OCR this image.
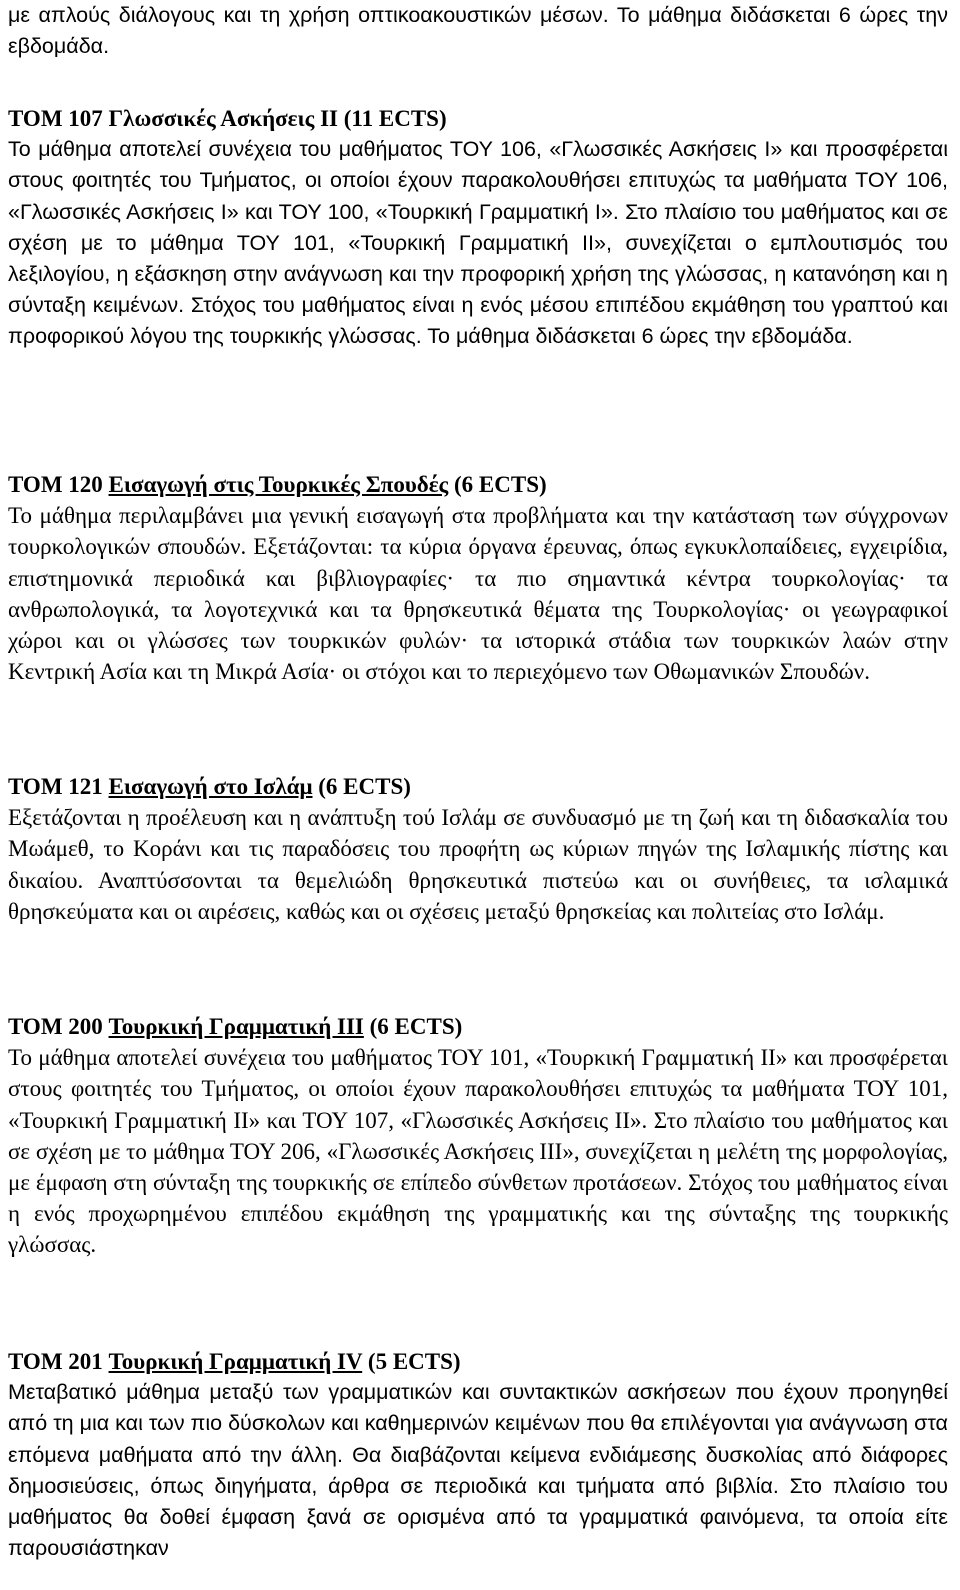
με απλούς διάλογους και τη χρήση οπτικοακουστικών μέσων. Το μάθημα διδάσκεται 6 ώρες την εβδομάδα.

TOM 107 Γλωσσικές Ασκήσεις ΙΙ (11 ECTS)

Το μάθημα αποτελεί συνέχεια του μαθήματος ΤΟΥ 106, «Γλωσσικές Ασκήσεις Ι» και προσφέρεται στους φοιτητές του Τμήματος, οι οποίοι έχουν παρακολουθήσει επιτυχώς τα μαθήματα ΤΟΥ 106, «Γλωσσικές Ασκήσεις Ι» και ΤΟΥ 100, «Τουρκική Γραμματική Ι». Στο πλαίσιο του μαθήματος και σε σχέση με το μάθημα ΤΟΥ 101, «Τουρκική Γραμματική ΙΙ», συνεχίζεται ο εμπλουτισμός του λεξιλογίου, η εξάσκηση στην ανάγνωση και την προφορική χρήση της γλώσσας, η κατανόηση και η σύνταξη κειμένων. Στόχος του μαθήματος είναι η ενός μέσου επιπέδου εκμάθηση του γραπτού και προφορικού λόγου της τουρκικής γλώσσας. Το μάθημα διδάσκεται 6 ώρες την εβδομάδα.

TOM 120 Εισαγωγή στις Τουρκικές Σπουδές (6 ECTS)

Το μάθημα περιλαμβάνει μια γενική εισαγωγή στα προβλήματα και την κατάσταση των σύγχρονων τουρκολογικών σπουδών. Εξετάζονται: τα κύρια όργανα έρευνας, όπως εγκυκλοπαίδειες, εγχειρίδια, επιστημονικά περιοδικά και βιβλιογραφίες· τα πιο σημαντικά κέντρα τουρκολογίας· τα ανθρωπολογικά, τα λογοτεχνικά και τα θρησκευτικά θέματα της Τουρκολογίας· οι γεωγραφικοί χώροι και οι γλώσσες των τουρκικών φυλών· τα ιστορικά στάδια των τουρκικών λαών στην Κεντρική Ασία και τη Μικρά Ασία· οι στόχοι και το περιεχόμενο των Οθωμανικών Σπουδών.

TOM 121 Εισαγωγή στο Ισλάμ (6 ECTS)

Εξετάζονται η προέλευση και η ανάπτυξη τού Ισλάμ σε συνδυασμό με τη ζωή και τη διδασκαλία του Μωάμεθ, το Κοράνι και τις παραδόσεις του προφήτη ως κύριων πηγών της Ισλαμικής πίστης και δικαίου. Αναπτύσσονται τα θεμελιώδη θρησκευτικά πιστεύω και οι συνήθειες, τα ισλαμικά θρησκεύματα και οι αιρέσεις, καθώς και οι σχέσεις μεταξύ θρησκείας και πολιτείας στο Ισλάμ.

TOM 200 Τουρκική Γραμματική ΙΙΙ (6 ECTS)

Το μάθημα αποτελεί συνέχεια του μαθήματος ΤΟΥ 101, «Τουρκική Γραμματική ΙΙ» και προσφέρεται στους φοιτητές του Τμήματος, οι οποίοι έχουν παρακολουθήσει επιτυχώς τα μαθήματα ΤΟΥ 101, «Τουρκική Γραμματική ΙΙ» και ΤΟΥ 107, «Γλωσσικές Ασκήσεις ΙΙ». Στο πλαίσιο του μαθήματος και σε σχέση με το μάθημα ΤΟΥ 206, «Γλωσσικές Ασκήσεις ΙΙΙ», συνεχίζεται η μελέτη της μορφολογίας, με έμφαση στη σύνταξη της τουρκικής σε επίπεδο σύνθετων προτάσεων. Στόχος του μαθήματος είναι η ενός προχωρημένου επιπέδου εκμάθηση της γραμματικής και της σύνταξης της τουρκικής γλώσσας.

TOM 201 Τουρκική Γραμματική IV (5 ECTS)

Μεταβατικό μάθημα μεταξύ των γραμματικών και συντακτικών ασκήσεων που έχουν προηγηθεί από τη μια και των πιο δύσκολων και καθημερινών κειμένων που θα επιλέγονται για ανάγνωση στα επόμενα μαθήματα από την άλλη. Θα διαβάζονται κείμενα ενδιάμεσης δυσκολίας από διάφορες δημοσιεύσεις, όπως διηγήματα, άρθρα σε περιοδικά και τμήματα από βιβλία. Στο πλαίσιο του μαθήματος θα δοθεί έμφαση ξανά σε ορισμένα από τα γραμματικά φαινόμενα, τα οποία είτε παρουσιάστηκαν
